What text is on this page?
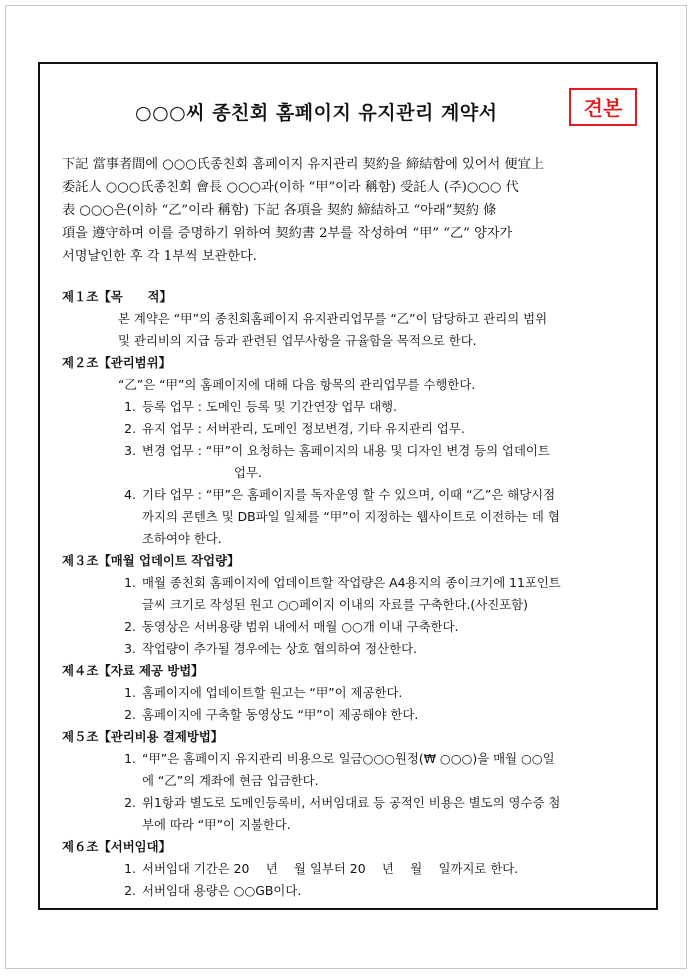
○○○씨 종친회 홈페이지 유지관리 계약서	견본
下記 當事者間에 ○○○氏종친회 홈페이지 유지관리 契約을 締結함에 있어서 便宜上
委託人 ○○○氏종친회 會長 ○○○과(이하 “甲”이라 稱함) 受託人 (주)○○○ 代
表 ○○○은(이하 “乙”이라 稱함) 下記 各項을 契約 締結하고 “아래”契約 條
項을 遵守하며 이를 증명하기 위하여 契約書 2부를 작성하여 “甲” “乙” 양자가
서명날인한 후 각 1부씩 보관한다.
제１조【목　　적】
본 계약은 “甲”의 종친회홈페이지 유지관리업무를 “乙”이 담당하고 관리의 범위
및 관리비의 지급 등과 관련된 업무사항을 규율함을 목적으로 한다.
제２조【관리범위】
“乙”은 “甲”의 홈페이지에 대해 다음 항목의 관리업무를 수행한다.
1. 등록 업무 : 도메인 등록 및 기간연장 업무 대행.
2. 유지 업무 : 서버관리, 도메인 정보변경, 기타 유지관리 업무.
3. 변경 업무 : “甲”이 요청하는 홈페이지의 내용 및 디자인 변경 등의 업데이트
업무.
4. 기타 업무 : “甲”은 홈페이지를 독자운영 할 수 있으며, 이때 “乙”은 해당시점
까지의 콘텐츠 및 DB파일 일체를 “甲”이 지정하는 웹사이트로 이전하는 데 협
조하여야 한다.
제３조【매월 업데이트 작업량】
1. 매월 종친회 홈페이지에 업데이트할 작업량은 A4용지의 종이크기에 11포인트
글씨 크기로 작성된 원고 ○○페이지 이내의 자료를 구축한다.(사진포함)
2. 동영상은 서버용량 범위 내에서 매월 ○○개 이내 구축한다.
3. 작업량이 추가될 경우에는 상호 협의하여 정산한다.
제４조【자료 제공 방법】
1. 홈페이지에 업데이트할 원고는 “甲”이 제공한다.
2. 홈페이지에 구축할 동영상도 “甲”이 제공해야 한다.
제５조【관리비용 결제방법】
1. “甲”은 홈페이지 유지관리 비용으로 일금○○○원정(₩ ○○○)을 매월 ○○일
에 “乙”의 계좌에 현금 입금한다.
2. 위1항과 별도로 도메인등록비, 서버임대료 등 공적인 비용은 별도의 영수증 첨
부에 따라 “甲”이 지불한다.
제６조【서버임대】
1. 서버임대 기간은 20　 년　 월 일부터 20　 년　 월　 일까지로 한다.
2. 서버임대 용량은 ○○GB이다.
